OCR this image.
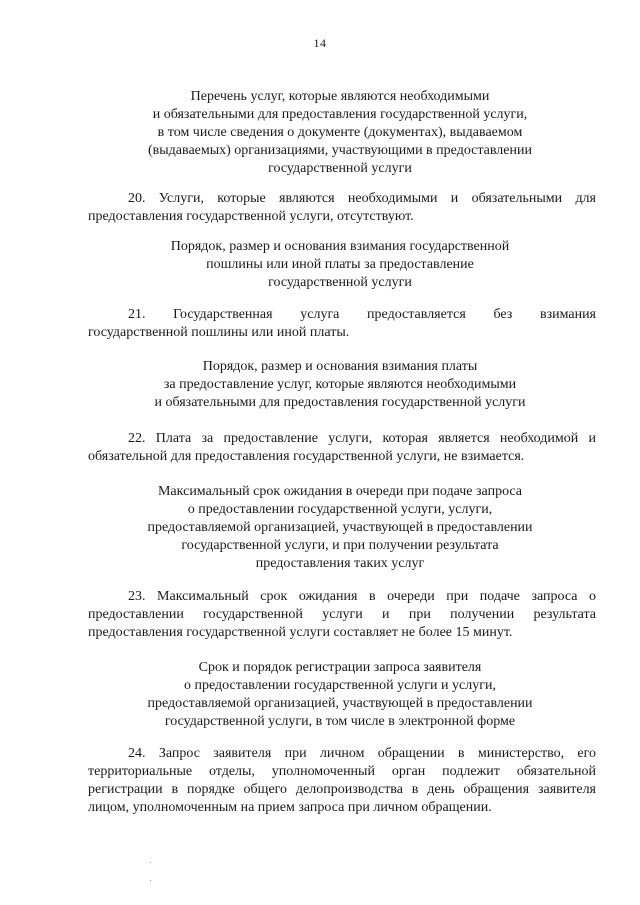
14
Перечень услуг, которые являются необходимыми
и обязательными для предоставления государственной услуги,
в том числе сведения о документе (документах), выдаваемом
(выдаваемых) организациями, участвующими в предоставлении
государственной услуги
20. Услуги, которые являются необходимыми и обязательными для
предоставления государственной услуги, отсутствуют.
Порядок, размер и основания взимания государственной
пошлины или иной платы за предоставление
государственной услуги
21. Государственная услуга предоставляется без взимания
государственной пошлины или иной платы.
Порядок, размер и основания взимания платы
за предоставление услуг, которые являются необходимыми
и обязательными для предоставления государственной услуги
22. Плата за предоставление услуги, которая является необходимой и
обязательной для предоставления государственной услуги, не взимается.
Максимальный срок ожидания в очереди при подаче запроса
о предоставлении государственной услуги, услуги,
предоставляемой организацией, участвующей в предоставлении
государственной услуги, и при получении результата
предоставления таких услуг
23. Максимальный срок ожидания в очереди при подаче запроса о
предоставлении государственной услуги и при получении результата
предоставления государственной услуги составляет не более 15 минут.
Срок и порядок регистрации запроса заявителя
о предоставлении государственной услуги и услуги,
предоставляемой организацией, участвующей в предоставлении
государственной услуги, в том числе в электронной форме
24. Запрос заявителя при личном обращении в министерство, его
территориальные отделы, уполномоченный орган подлежит обязательной
регистрации в порядке общего делопроизводства в день обращения заявителя
лицом, уполномоченным на прием запроса при личном обращении.
